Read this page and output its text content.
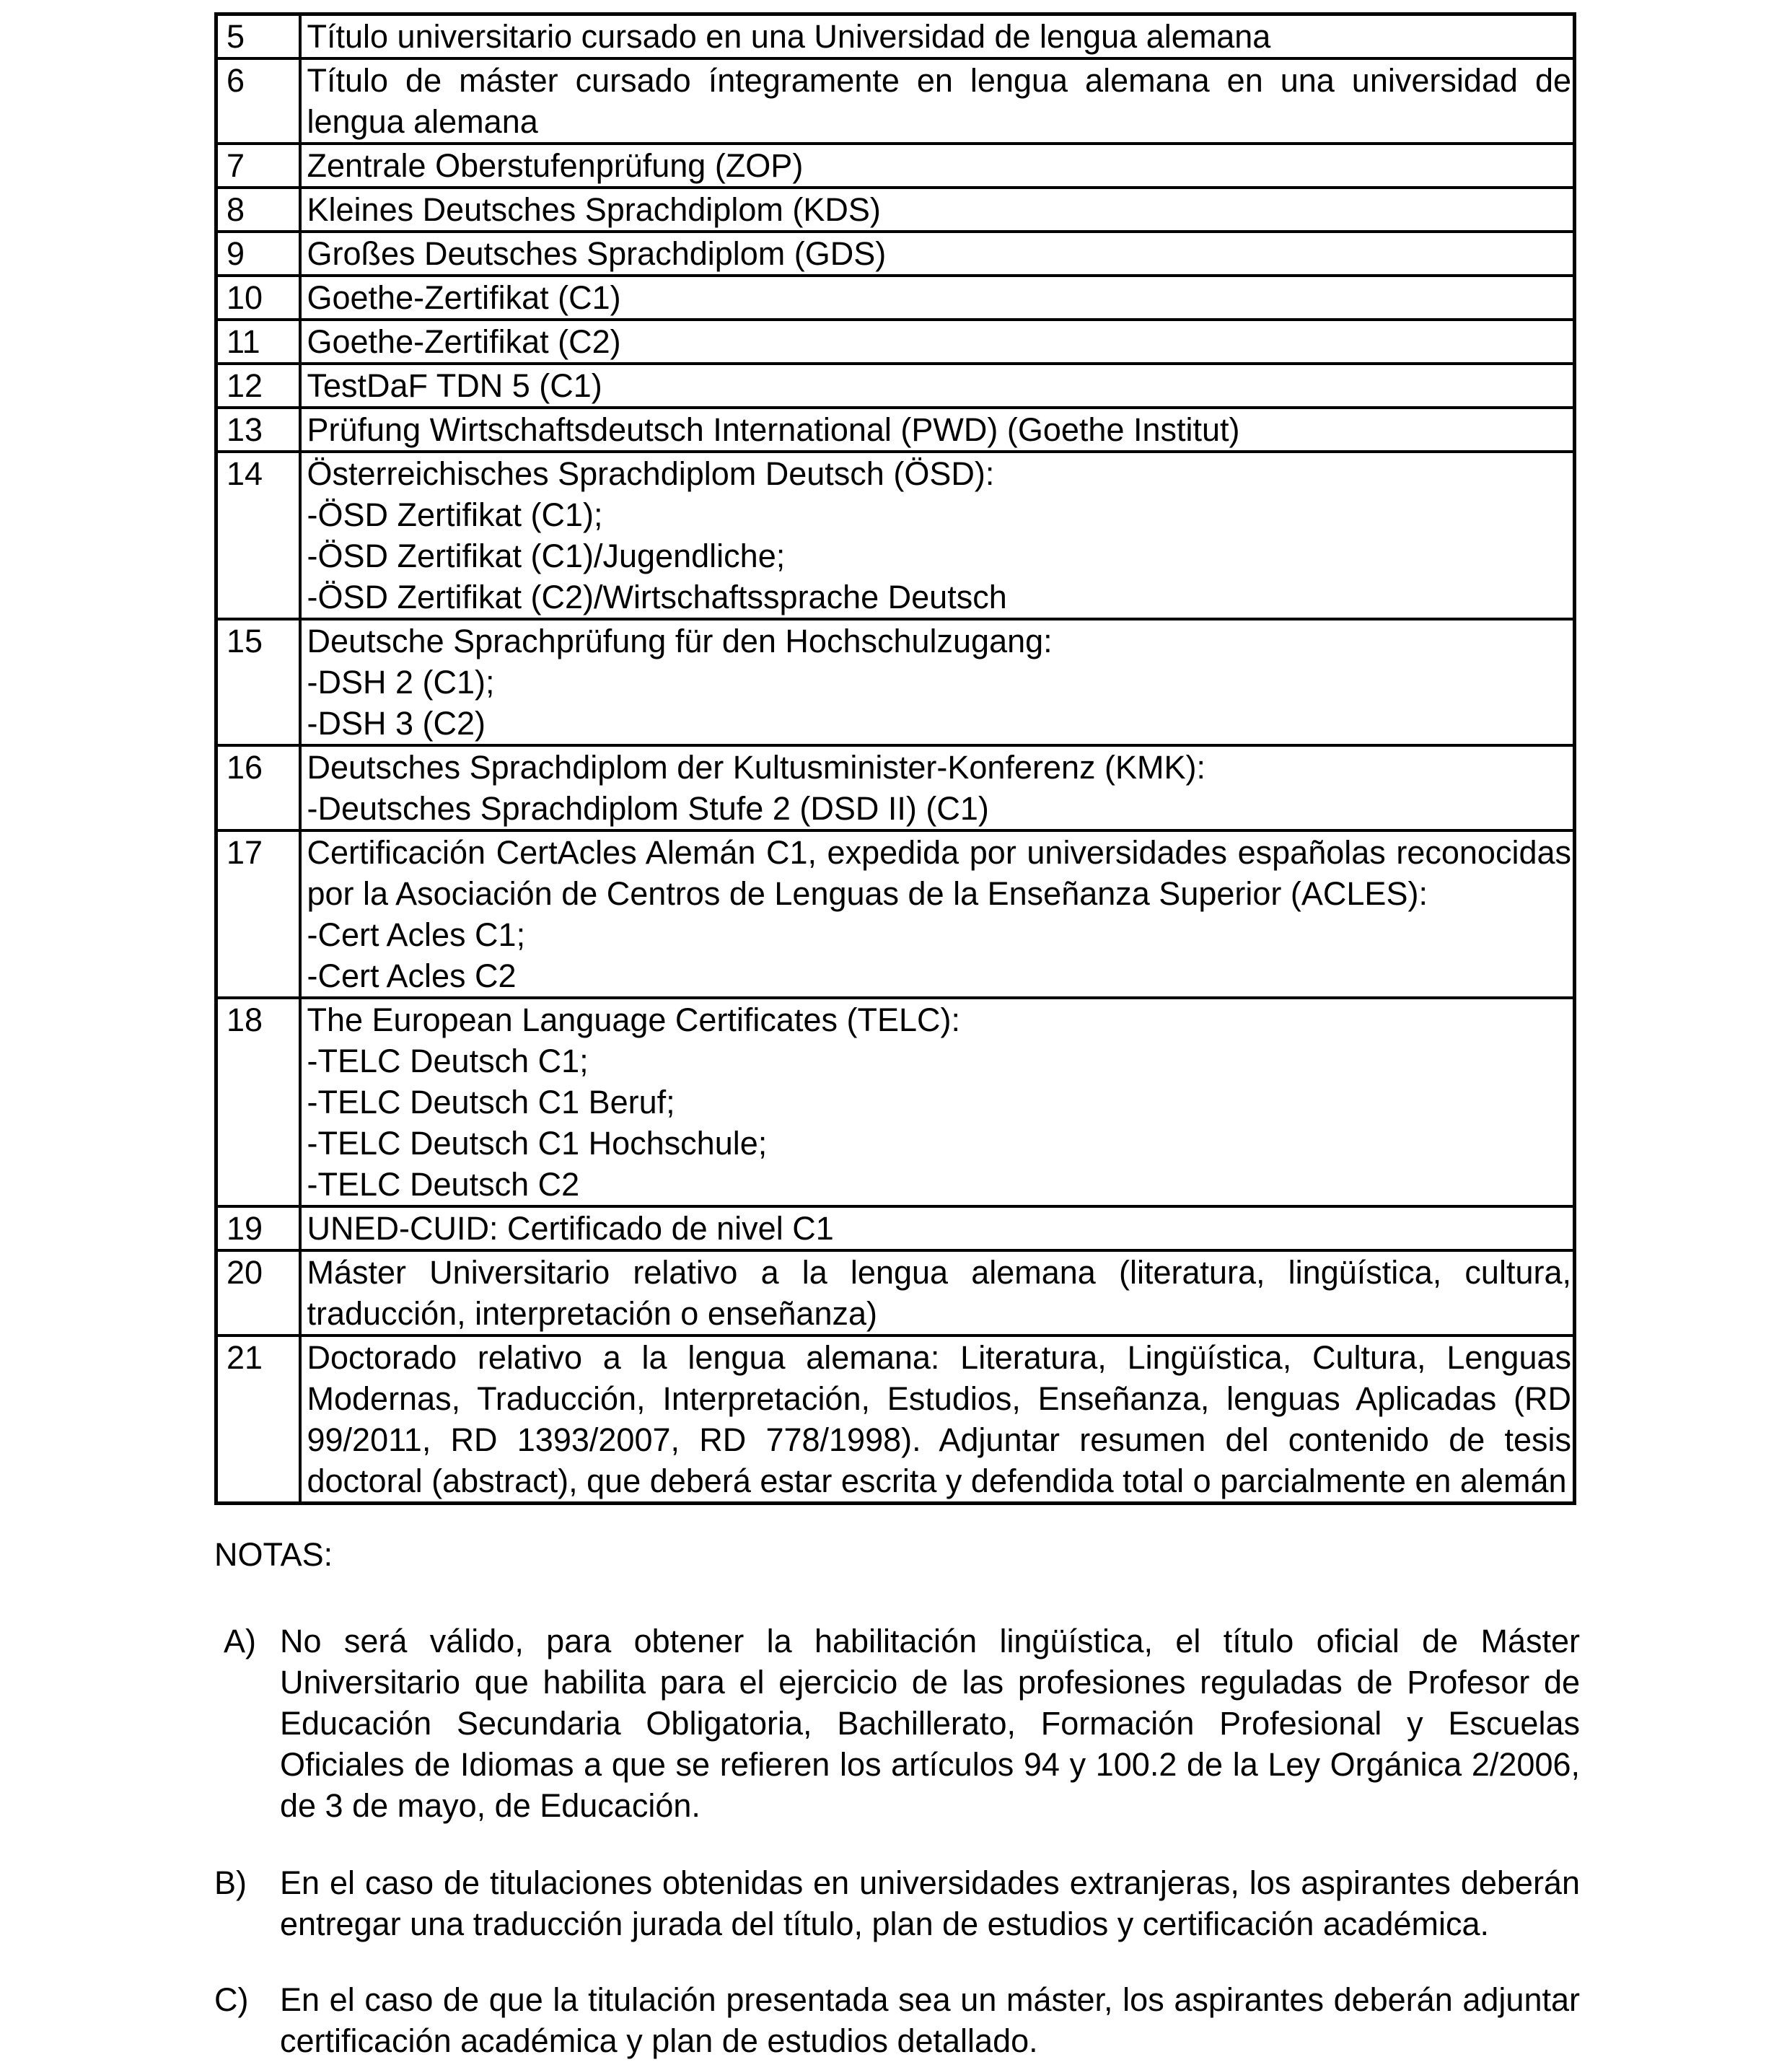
5	Título universitario cursado en una Universidad de lengua alemana

6	Título de máster cursado íntegramente en lengua alemana en una universidad de lengua alemana

7	Zentrale Oberstufenprüfung (ZOP)

8	Kleines Deutsches Sprachdiplom (KDS)

9	Großes Deutsches Sprachdiplom (GDS)

10	Goethe-Zertifikat (C1)

11	Goethe-Zertifikat (C2)

12	TestDaF TDN 5 (C1)

13	Prüfung Wirtschaftsdeutsch International (PWD) (Goethe Institut)

14	Österreichisches Sprachdiplom Deutsch (ÖSD):
-ÖSD Zertifikat (C1);
-ÖSD Zertifikat (C1)/Jugendliche;
-ÖSD Zertifikat (C2)/Wirtschaftssprache Deutsch

15	Deutsche Sprachprüfung für den Hochschulzugang:
-DSH 2 (C1);
-DSH 3 (C2)

16	Deutsches Sprachdiplom der Kultusminister-Konferenz (KMK):
-Deutsches Sprachdiplom Stufe 2 (DSD II) (C1)

17	Certificación CertAcles Alemán C1, expedida por universidades españolas reconocidas por la Asociación de Centros de Lenguas de la Enseñanza Superior (ACLES):
-Cert Acles C1;
-Cert Acles C2

18	The European Language Certificates (TELC):
-TELC Deutsch C1;
-TELC Deutsch C1 Beruf;
-TELC Deutsch C1 Hochschule;
-TELC Deutsch C2

19	UNED-CUID: Certificado de nivel C1

20	Máster Universitario relativo a la lengua alemana (literatura, lingüística, cultura, traducción, interpretación o enseñanza)

21	Doctorado relativo a la lengua alemana: Literatura, Lingüística, Cultura, Lenguas Modernas, Traducción, Interpretación, Estudios, Enseñanza, lenguas Aplicadas (RD 99/2011, RD 1393/2007, RD 778/1998). Adjuntar resumen del contenido de tesis doctoral (abstract), que deberá estar escrita y defendida total o parcialmente en alemán
NOTAS:
A) No será válido, para obtener la habilitación lingüística, el título oficial de Máster Universitario que habilita para el ejercicio de las profesiones reguladas de Profesor de Educación Secundaria Obligatoria, Bachillerato, Formación Profesional y Escuelas Oficiales de Idiomas a que se refieren los artículos 94 y 100.2 de la Ley Orgánica 2/2006, de 3 de mayo, de Educación.
B) En el caso de titulaciones obtenidas en universidades extranjeras, los aspirantes deberán entregar una traducción jurada del título, plan de estudios y certificación académica.
C) En el caso de que la titulación presentada sea un máster, los aspirantes deberán adjuntar certificación académica y plan de estudios detallado.
